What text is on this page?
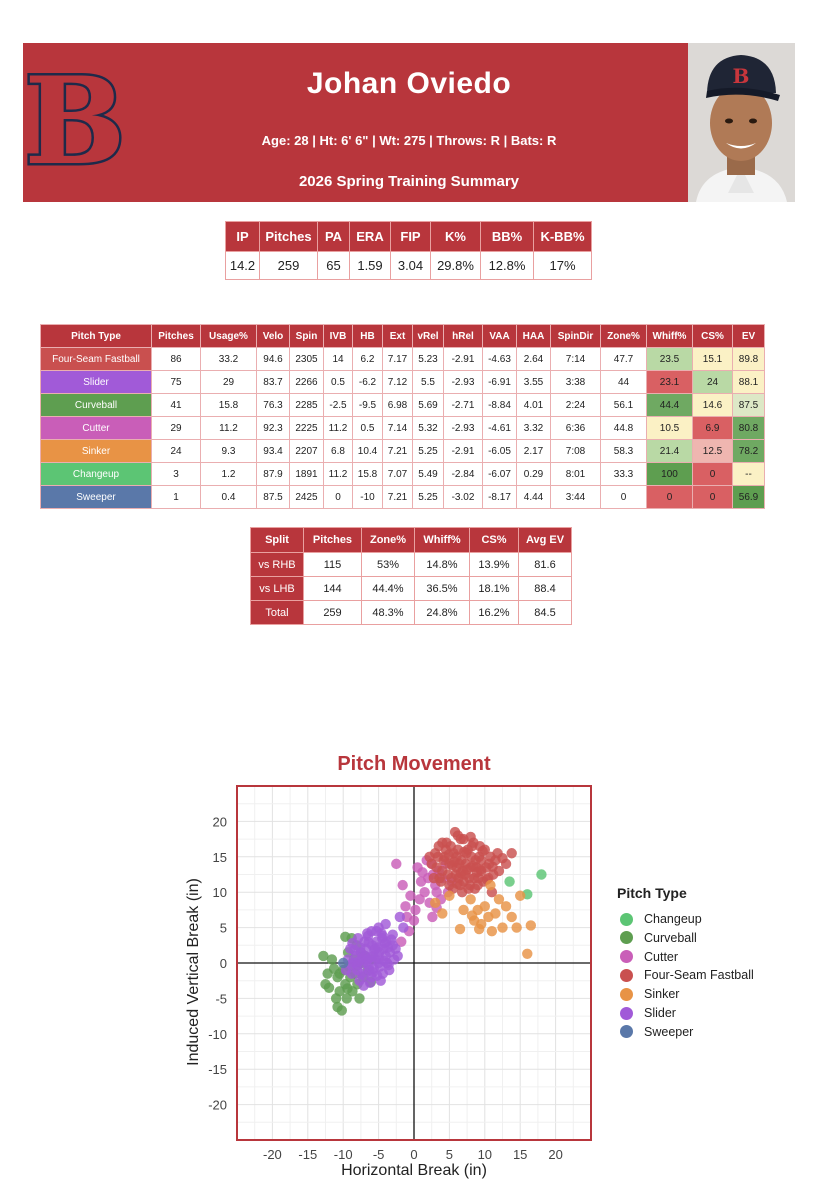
B	Johan Oviedo
Age: 28 | Ht: 6' 6" | Wt: 275 | Throws: R | Bats: R
2026 Spring Training Summary
B
IP	Pitches	PA	ERA	FIP	K%	BB%	K-BB%
14.2	259	65	1.59	3.04	29.8%	12.8%	17%
Pitch Type	Pitches	Usage%	Velo	Spin	IVB	HB	Ext	vRel	hRel	VAA	HAA	SpinDir	Zone%	Whiff%	CS%	EV
Four-Seam Fastball	86	33.2	94.6	2305	14	6.2	7.17	5.23	-2.91	-4.63	2.64	7:14	47.7	23.5	15.1	89.8
Slider	75	29	83.7	2266	0.5	-6.2	7.12	5.5	-2.93	-6.91	3.55	3:38	44	23.1	24	88.1
Curveball	41	15.8	76.3	2285	-2.5	-9.5	6.98	5.69	-2.71	-8.84	4.01	2:24	56.1	44.4	14.6	87.5
Cutter	29	11.2	92.3	2225	11.2	0.5	7.14	5.32	-2.93	-4.61	3.32	6:36	44.8	10.5	6.9	80.8
Sinker	24	9.3	93.4	2207	6.8	10.4	7.21	5.25	-2.91	-6.05	2.17	7:08	58.3	21.4	12.5	78.2
Changeup	3	1.2	87.9	1891	11.2	15.8	7.07	5.49	-2.84	-6.07	0.29	8:01	33.3	100	0	--
Sweeper	1	0.4	87.5	2425	0	-10	7.21	5.25	-3.02	-8.17	4.44	3:44	0	0	0	56.9
Split	Pitches	Zone%	Whiff%	CS%	Avg EV
vs RHB	115	53%	14.8%	13.9%	81.6
vs LHB	144	44.4%	36.5%	18.1%	88.4
Total	259	48.3%	24.8%	16.2%	84.5
Pitch Movement
-20 -15 -10 -5 0 5 10 15 20
-20
-15
-10
-5
0
5
10
15
20
Horizontal Break (in)
Induced Vertical Break (in)	Pitch Type
Changeup
Curveball
Cutter
Four-Seam Fastball
Sinker
Slider
Sweeper
